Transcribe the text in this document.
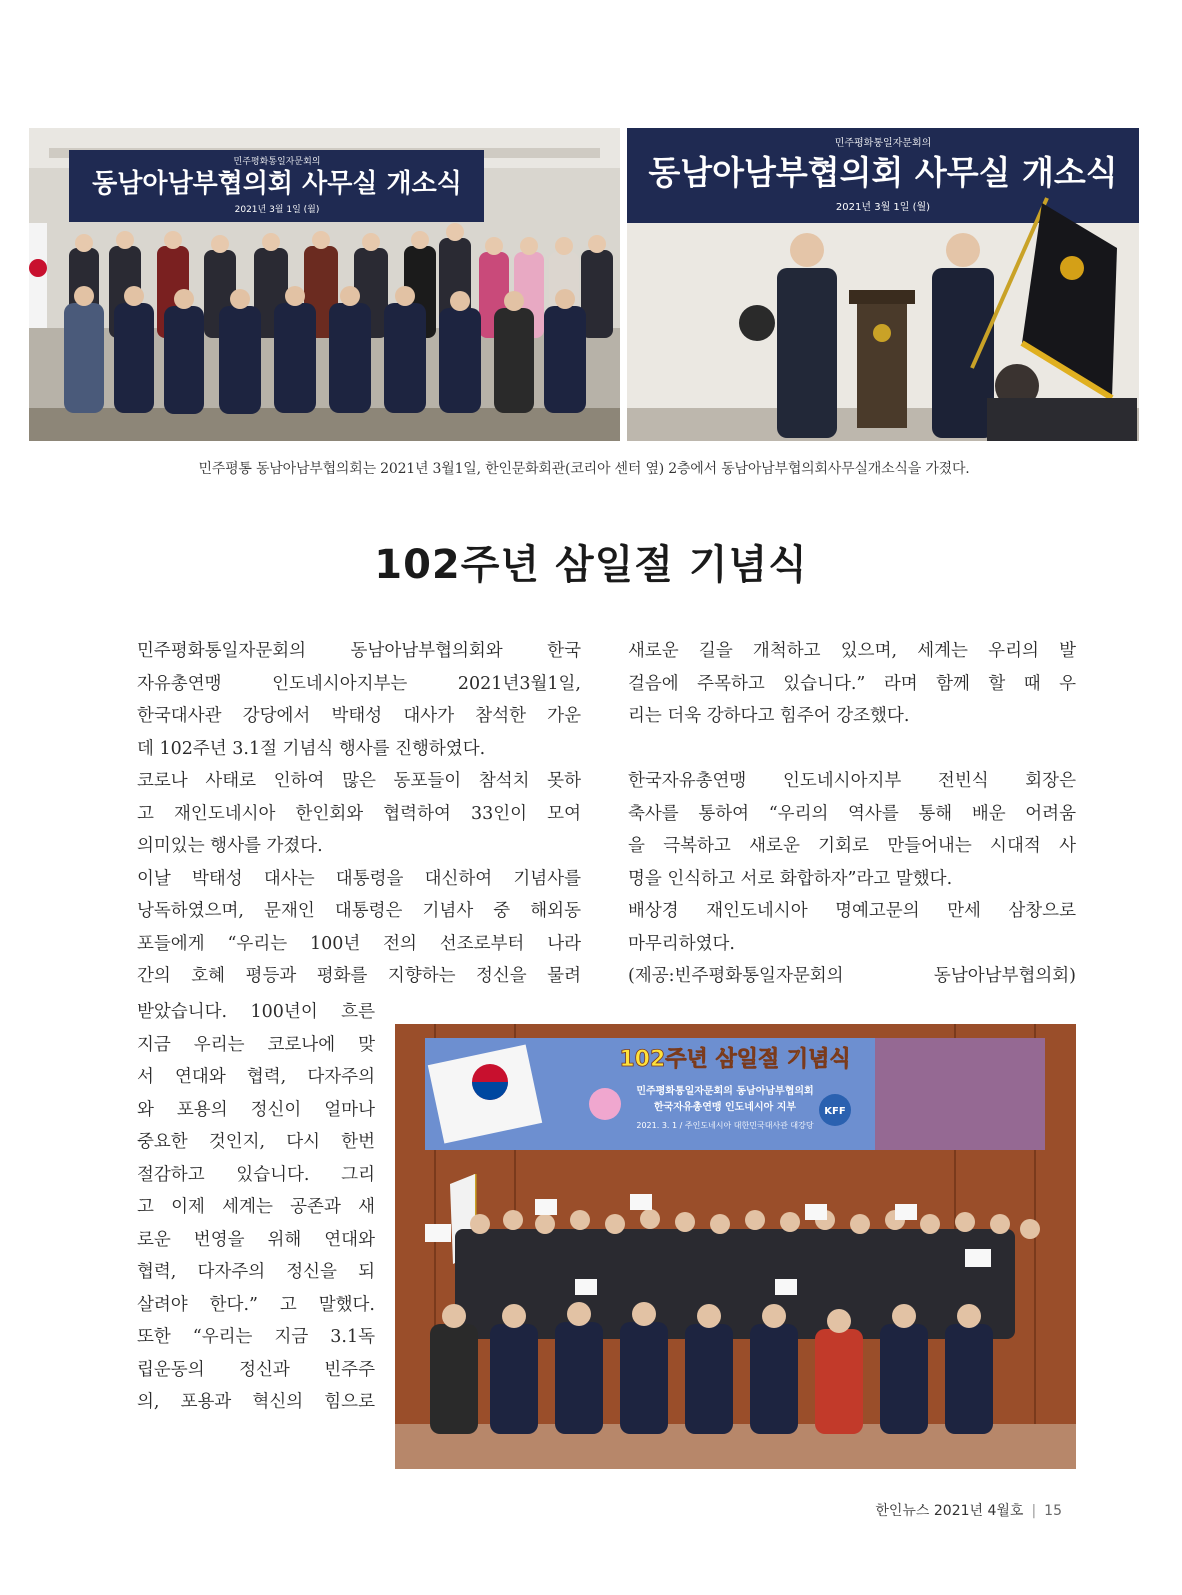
민주평화통일자문회의
동남아남부협의회 사무실 개소식
2021년 3월 1일 (월)
민주평화통일자문회의
동남아남부협의회 사무실 개소식
2021년 3월 1일 (월)
민주평통 동남아남부협의회는 2021년 3월1일, 한인문화회관(코리아 센터 옆) 2층에서 동남아남부협의회사무실개소식을 가졌다.
102주년 삼일절 기념식
민주평화통일자문회의 동남아남부협의회와 한국
자유총연맹 인도네시아지부는 2021년3월1일,
한국대사관 강당에서 박태성 대사가 참석한 가운
데 102주년 3.1절 기념식 행사를 진행하였다.
코로나 사태로 인하여 많은 동포들이 참석치 못하
고 재인도네시아 한인회와 협력하여 33인이 모여
의미있는 행사를 가졌다.
이날 박태성 대사는 대통령을 대신하여 기념사를
낭독하였으며, 문재인 대통령은 기념사 중 해외동
포들에게 “우리는 100년 전의 선조로부터 나라
간의 호혜 평등과 평화를 지향하는 정신을 물려
받았습니다. 100년이 흐른
지금 우리는 코로나에 맞
서 연대와 협력, 다자주의
와 포용의 정신이 얼마나
중요한 것인지, 다시 한번
절감하고 있습니다. 그리
고 이제 세계는 공존과 새
로운 번영을 위해 연대와
협력, 다자주의 정신을 되
살려야 한다.” 고 말했다.
또한 “우리는 지금 3.1독
립운동의 정신과 빈주주
의, 포용과 혁신의 힘으로
새로운 길을 개척하고 있으며, 세계는 우리의 발
걸음에 주목하고 있습니다.” 라며 함께 할 때 우
리는 더욱 강하다고 힘주어 강조했다.
한국자유총연맹 인도네시아지부 전빈식 회장은
축사를 통하여 “우리의 역사를 통해 배운 어려움
을 극복하고 새로운 기회로 만들어내는 시대적 사
명을 인식하고 서로 화합하자”라고 말했다.
배상경 재인도네시아 명예고문의 만세 삼창으로
마무리하였다.
(제공:빈주평화통일자문회의 동남아남부협의회)
102주년 삼일절 기념식
민주평화통일자문회의 동남아남부협의회
한국자유총연맹 인도네시아 지부
2021. 3. 1 / 주인도네시아 대한민국대사관 대강당
KFF
한인뉴스 2021년 4월호 | 15
